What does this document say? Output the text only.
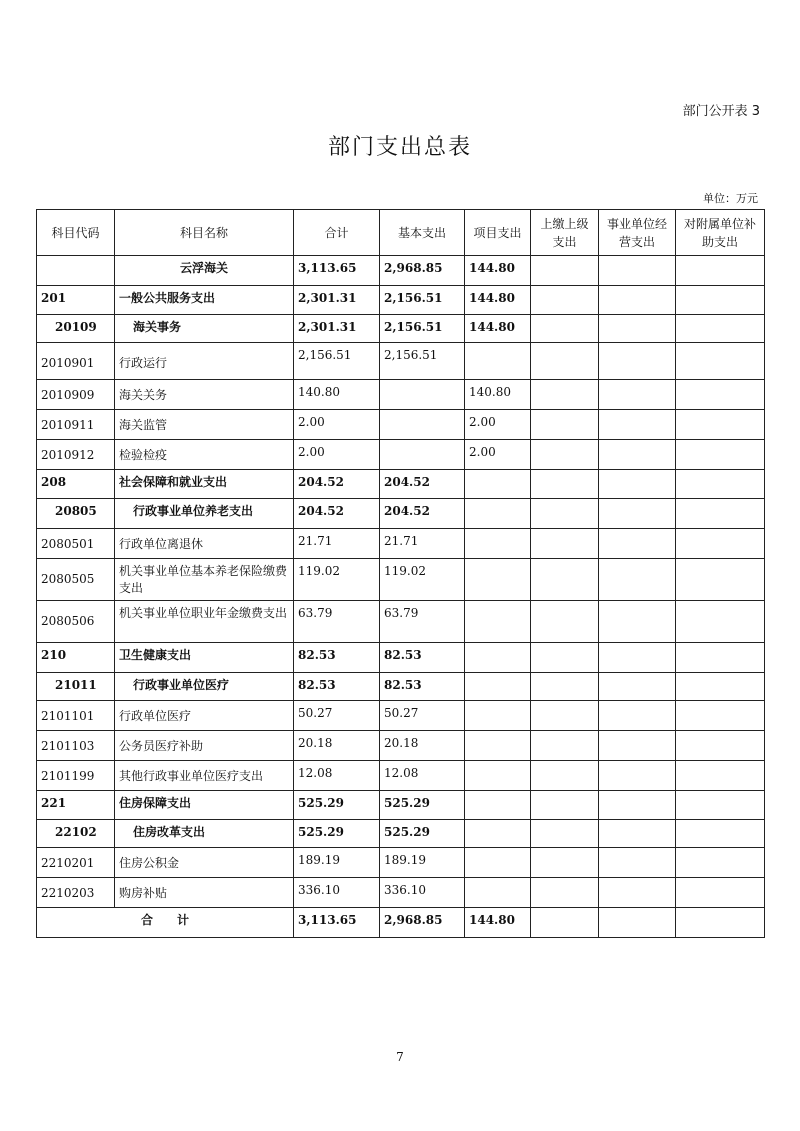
部门公开表 3
部门支出总表
单位：万元
科目代码	科目名称	合计	基本支出	项目支出	上缴上级支出	事业单位经营支出	对附属单位补助支出
	云浮海关	3,113.65	2,968.85	144.80			
201	一般公共服务支出	2,301.31	2,156.51	144.80			
20109	海关事务	2,301.31	2,156.51	144.80			
2010901	行政运行	2,156.51	2,156.51				
2010909	海关关务	140.80		140.80			
2010911	海关监管	2.00		2.00			
2010912	检验检疫	2.00		2.00			
208	社会保障和就业支出	204.52	204.52				
20805	行政事业单位养老支出	204.52	204.52				
2080501	行政单位离退休	21.71	21.71				
2080505	机关事业单位基本养老保险缴费支出	119.02	119.02				
2080506	机关事业单位职业年金缴费支出	63.79	63.79				
210	卫生健康支出	82.53	82.53				
21011	行政事业单位医疗	82.53	82.53				
2101101	行政单位医疗	50.27	50.27				
2101103	公务员医疗补助	20.18	20.18				
2101199	其他行政事业单位医疗支出	12.08	12.08				
221	住房保障支出	525.29	525.29				
22102	住房改革支出	525.29	525.29				
2210201	住房公积金	189.19	189.19				
2210203	购房补贴	336.10	336.10				
合　　计		3,113.65	2,968.85	144.80			
7
